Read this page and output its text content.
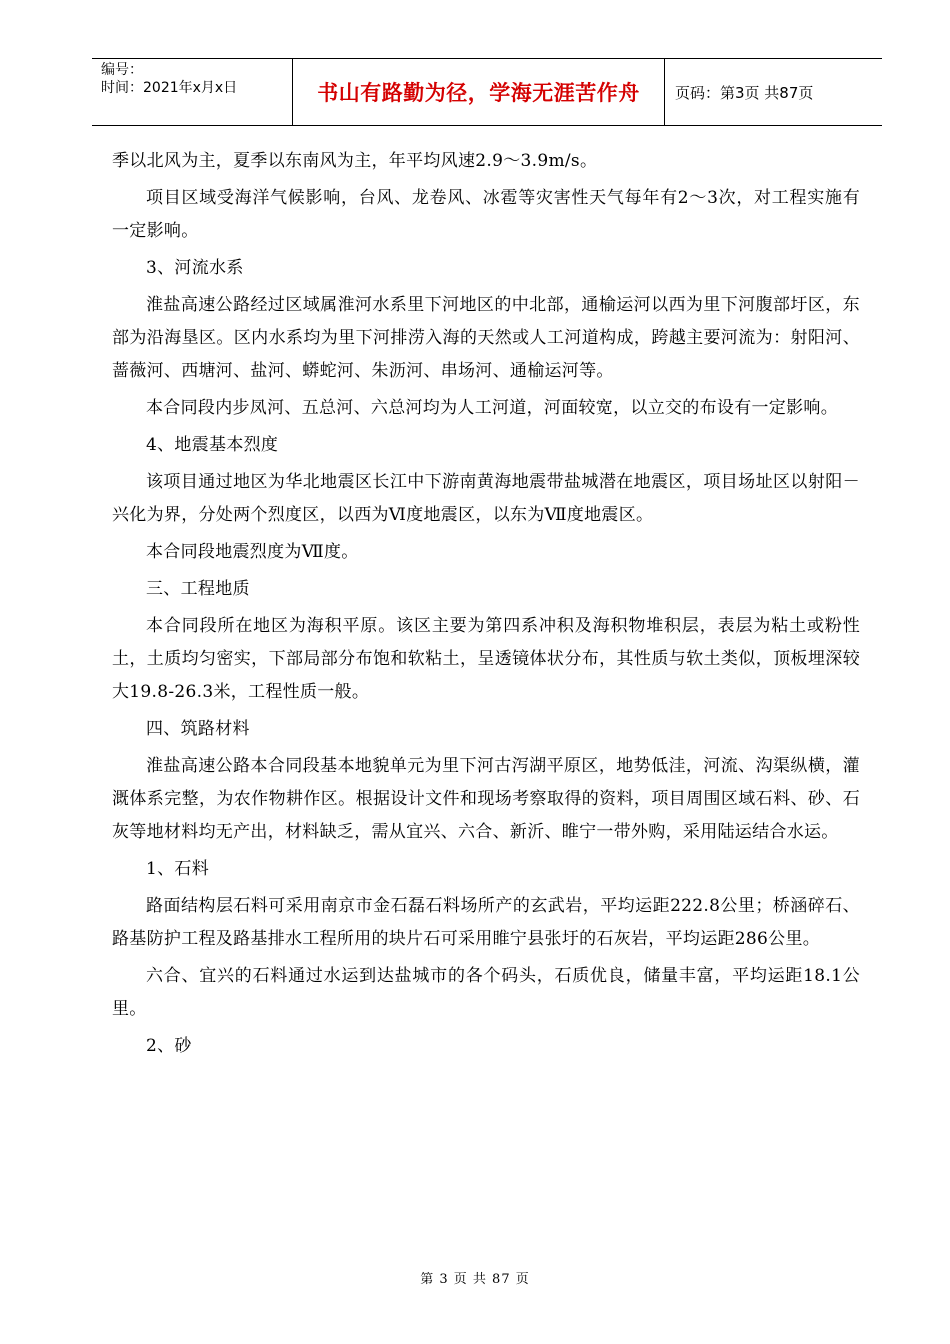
编号：
时间：2021年x月x日	书山有路勤为径，学海无涯苦作舟 页码：第3页 共87页

季以北风为主，夏季以东南风为主，年平均风速2.9～3.9m/s。

项目区域受海洋气候影响，台风、龙卷风、冰雹等灾害性天气每年有2～3次，对工程实施有一定影响。

3、河流水系

淮盐高速公路经过区域属淮河水系里下河地区的中北部，通榆运河以西为里下河腹部圩区，东部为沿海垦区。区内水系均为里下河排涝入海的天然或人工河道构成，跨越主要河流为：射阳河、蔷薇河、西塘河、盐河、蟒蛇河、朱沥河、串场河、通榆运河等。

本合同段内步凤河、五总河、六总河均为人工河道，河面较宽，以立交的布设有一定影响。

4、地震基本烈度

该项目通过地区为华北地震区长江中下游南黄海地震带盐城潜在地震区，项目场址区以射阳－兴化为界，分处两个烈度区，以西为Ⅵ度地震区，以东为Ⅶ度地震区。

本合同段地震烈度为Ⅶ度。

三、工程地质

本合同段所在地区为海积平原。该区主要为第四系冲积及海积物堆积层，表层为粘土或粉性土，土质均匀密实，下部局部分布饱和软粘土，呈透镜体状分布，其性质与软土类似，顶板埋深较大19.8-26.3米，工程性质一般。

四、筑路材料

淮盐高速公路本合同段基本地貌单元为里下河古泻湖平原区，地势低洼，河流、沟渠纵横，灌溉体系完整，为农作物耕作区。根据设计文件和现场考察取得的资料，项目周围区域石料、砂、石灰等地材料均无产出，材料缺乏，需从宜兴、六合、新沂、睢宁一带外购，采用陆运结合水运。

1、石料

路面结构层石料可采用南京市金石磊石料场所产的玄武岩，平均运距222.8公里；桥涵碎石、路基防护工程及路基排水工程所用的块片石可采用睢宁县张圩的石灰岩，平均运距286公里。

六合、宜兴的石料通过水运到达盐城市的各个码头，石质优良，储量丰富，平均运距18.1公里。

2、砂

第 3 页 共 87 页
